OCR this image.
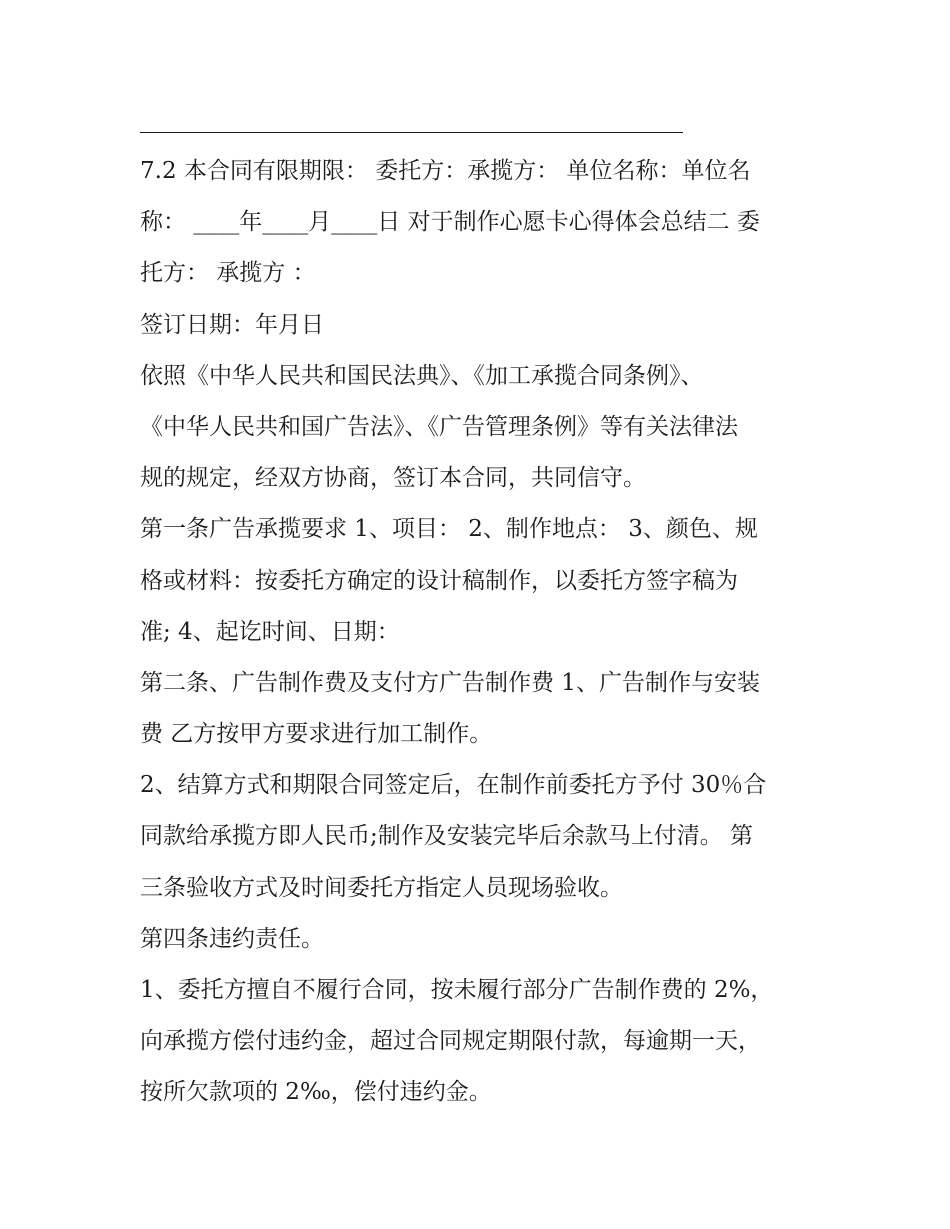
7.2 本合同有限期限： 委托方：承揽方： 单位名称：单位名
称： ____年____月____日 对于制作心愿卡心得体会总结二 委
托方： 承揽方 ：
签订日期：年月日
依照《中华人民共和国民法典》、《加工承揽合同条例》、
《中华人民共和国广告法》、《广告管理条例》等有关法律法
规的规定，经双方协商，签订本合同，共同信守。
第一条广告承揽要求 1、项目： 2、制作地点： 3、颜色、规
格或材料：按委托方确定的设计稿制作，以委托方签字稿为
准; 4、起讫时间、日期：
第二条、广告制作费及支付方广告制作费 1、广告制作与安装
费 乙方按甲方要求进行加工制作。
2、结算方式和期限合同签定后，在制作前委托方予付 30％合
同款给承揽方即人民币;制作及安装完毕后余款马上付清。 第
三条验收方式及时间委托方指定人员现场验收。
第四条违约责任。
1、委托方擅自不履行合同，按未履行部分广告制作费的 2%，
向承揽方偿付违约金，超过合同规定期限付款，每逾期一天，
按所欠款项的 2‰，偿付违约金。
